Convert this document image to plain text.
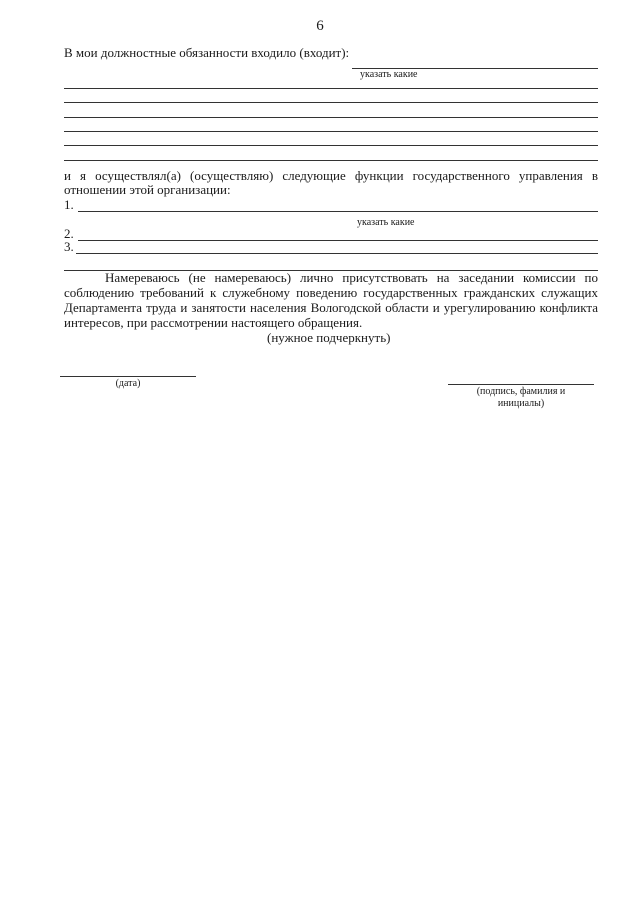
6
В мои должностные обязанности входило (входит):
указать какие
и я осуществлял(а) (осуществляю) следующие функции государственного управления в
отношении этой организации:
1.
указать какие
2.
3.
Намереваюсь (не намереваюсь) лично присутствовать на заседании комиссии по
соблюдению требований к служебному поведению государственных гражданских служащих
Департамента труда и занятости населения Вологодской области и урегулированию конфликта
интересов, при рассмотрении настоящего обращения.
(нужное подчеркнуть)
(дата)
(подпись, фамилия и
инициалы)
